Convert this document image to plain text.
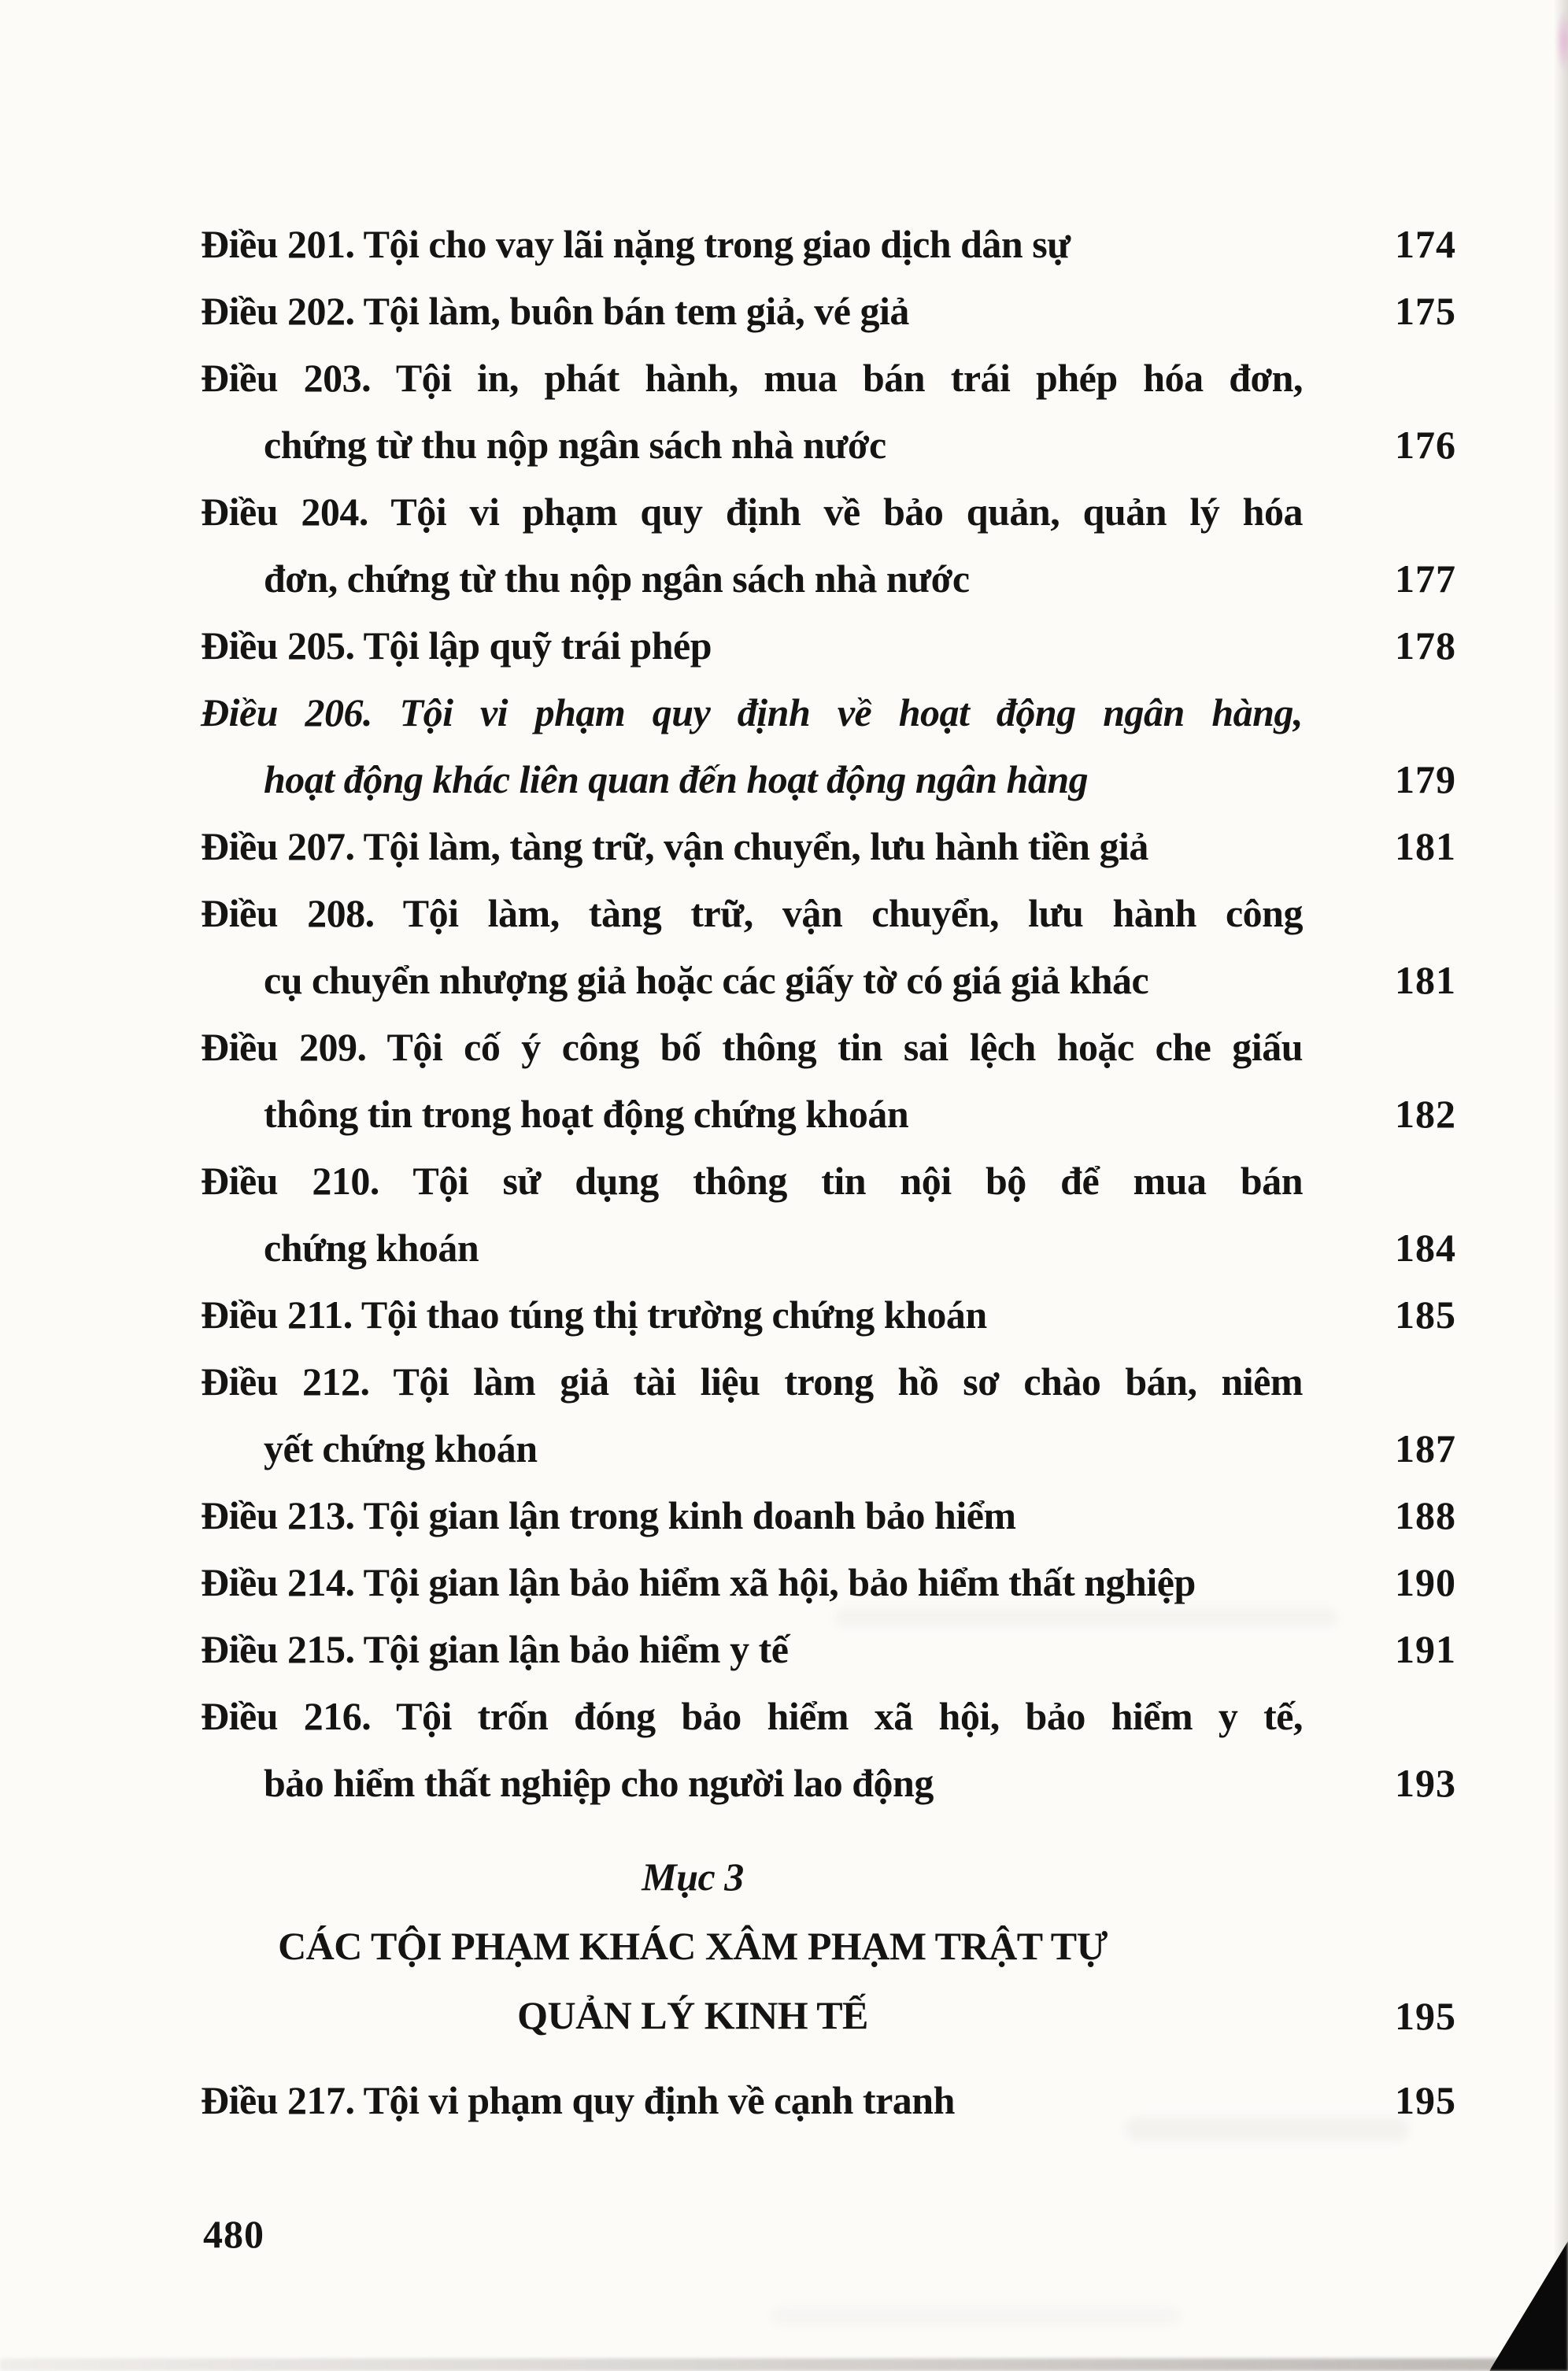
Điều 201. Tội cho vay lãi nặng trong giao dịch dân sự	174
Điều 202. Tội làm, buôn bán tem giả, vé giả	175
Điều 203. Tội in, phát hành, mua bán trái phép hóa đơn,
chứng từ thu nộp ngân sách nhà nước	176
Điều 204. Tội vi phạm quy định về bảo quản, quản lý hóa
đơn, chứng từ thu nộp ngân sách nhà nước	177
Điều 205. Tội lập quỹ trái phép	178
Điều 206. Tội vi phạm quy định về hoạt động ngân hàng,
hoạt động khác liên quan đến hoạt động ngân hàng	179
Điều 207. Tội làm, tàng trữ, vận chuyển, lưu hành tiền giả	181
Điều 208. Tội làm, tàng trữ, vận chuyển, lưu hành công
cụ chuyển nhượng giả hoặc các giấy tờ có giá giả khác	181
Điều 209. Tội cố ý công bố thông tin sai lệch hoặc che giấu
thông tin trong hoạt động chứng khoán	182
Điều 210. Tội sử dụng thông tin nội bộ để mua bán
chứng khoán	184
Điều 211. Tội thao túng thị trường chứng khoán	185
Điều 212. Tội làm giả tài liệu trong hồ sơ chào bán, niêm
yết chứng khoán	187
Điều 213. Tội gian lận trong kinh doanh bảo hiểm	188
Điều 214. Tội gian lận bảo hiểm xã hội, bảo hiểm thất nghiệp	190
Điều 215. Tội gian lận bảo hiểm y tế	191
Điều 216. Tội trốn đóng bảo hiểm xã hội, bảo hiểm y tế,
bảo hiểm thất nghiệp cho người lao động	193
Mục 3
CÁC TỘI PHẠM KHÁC XÂM PHẠM TRẬT TỰ
QUẢN LÝ KINH TẾ	195
Điều 217. Tội vi phạm quy định về cạnh tranh	195
480
